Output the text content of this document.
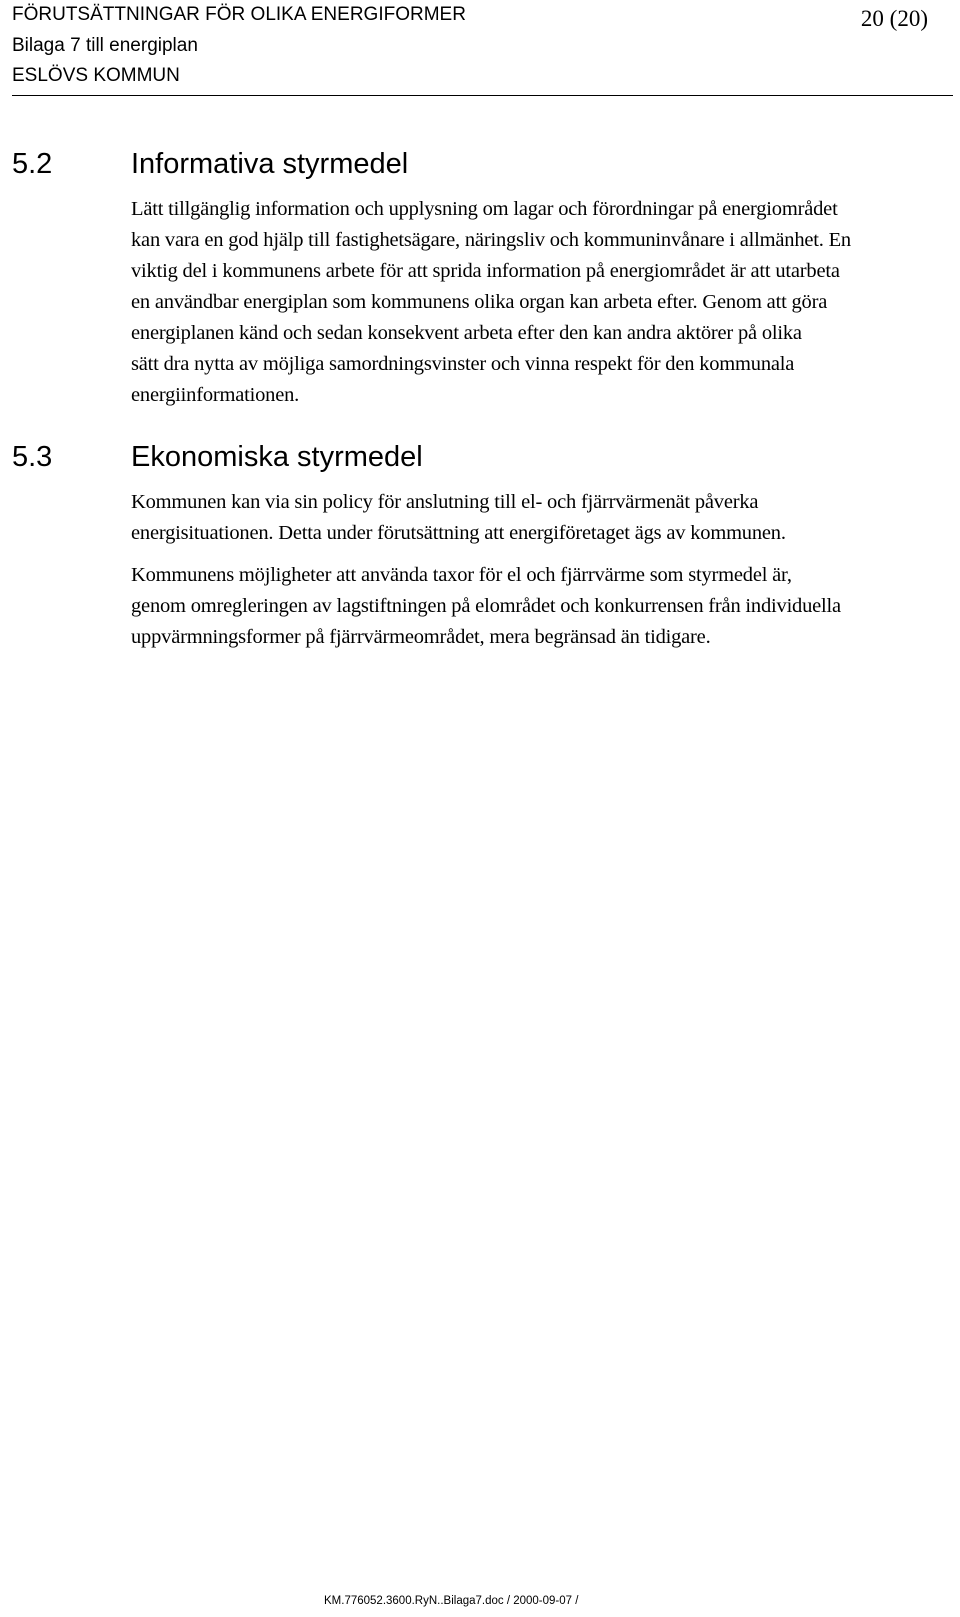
FÖRUTSÄTTNINGAR FÖR OLIKA ENERGIFORMER
Bilaga 7 till energiplan
ESLÖVS KOMMUN
20 (20)
5.2	Informativa styrmedel
Lätt tillgänglig information och upplysning om lagar och förordningar på energiområdet
kan vara en god hjälp till fastighetsägare, näringsliv och kommuninvånare i allmänhet. En
viktig del i kommunens arbete för att sprida information på energiområdet är att utarbeta
en användbar energiplan som kommunens olika organ kan arbeta efter. Genom att göra
energiplanen känd och sedan konsekvent arbeta efter den kan andra aktörer på olika
sätt dra nytta av möjliga samordningsvinster och vinna respekt för den kommunala
energiinformationen.
5.3	Ekonomiska styrmedel
Kommunen kan via sin policy för anslutning till el- och fjärrvärmenät påverka
energisituationen. Detta under förutsättning att energiföretaget ägs av kommunen.
Kommunens möjligheter att använda taxor för el och fjärrvärme som styrmedel är,
genom omregleringen av lagstiftningen på elområdet och konkurrensen från individuella
uppvärmningsformer på fjärrvärmeområdet, mera begränsad än tidigare.
KM.776052.3600.RyN..Bilaga7.doc / 2000-09-07 /
